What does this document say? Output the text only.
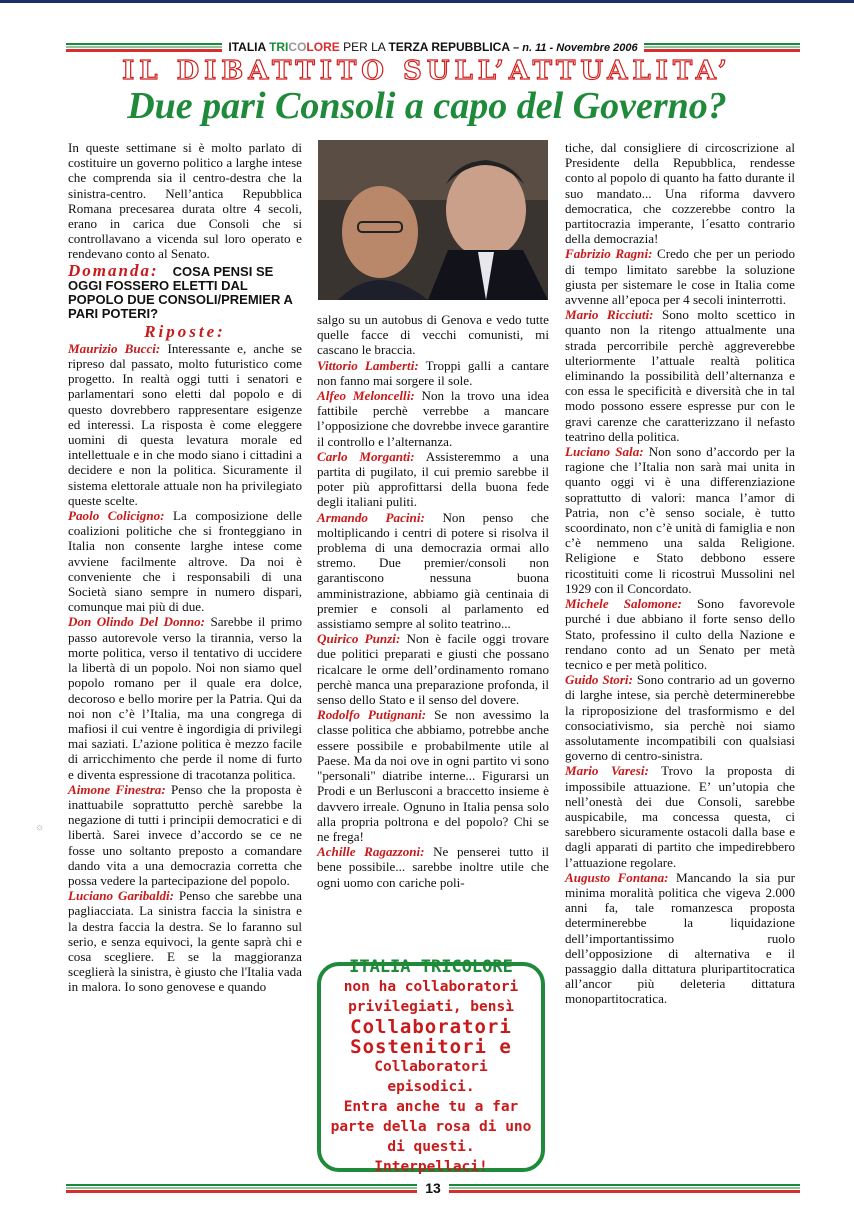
ITALIA TRICOLORE PER LA TERZA REPUBBLICA – n. 11 - Novembre 2006
IL DIBATTITO SULL’ATTUALITA’
Due pari Consoli a capo del Governo?

In queste settimane si è molto parlato di costituire un governo politico a larghe intese che comprenda sia il centro-destra che la sinistra-centro. Nell’antica Repubblica Romana precesarea durata oltre 4 secoli, erano in carica due Consoli che si controllavano a vicenda sul loro operato e rendevano conto al Senato.

Domanda: COSA PENSI SE OGGI FOSSERO ELETTI DAL POPOLO DUE CONSOLI/PREMIER A PARI POTERI?
Riposte:

Maurizio Bucci: Interessante e, anche se ripreso dal passato, molto futuristico come progetto. In realtà oggi tutti i senatori e parlamentari sono eletti dal popolo e di questo dovrebbero rappresentare esigenze ed interessi. La risposta è come eleggere uomini di questa levatura morale ed intellettuale e in che modo siano i cittadini a decidere e non la politica. Sicuramente il sistema elettorale attuale non ha privilegiato queste scelte.

Paolo Colicigno: La composizione delle coalizioni politiche che si fronteggiano in Italia non consente larghe intese come avviene facilmente altrove. Da noi è conveniente che i responsabili di una Società siano sempre in numero dispari, comunque mai più di due.

Don Olindo Del Donno: Sarebbe il primo passo autorevole verso la tirannia, verso la morte politica, verso il tentativo di uccidere la libertà di un popolo. Noi non siamo quel popolo romano per il quale era dolce, decoroso e bello morire per la Patria. Qui da noi non c’è l’Italia, ma una congrega di mafiosi il cui ventre è ingordigia di privilegi mai saziati. L’azione politica è mezzo facile di arricchimento che perde il nome di furto e diventa espressione di tracotanza politica.

Aimone Finestra: Penso che la proposta è inattuabile soprattutto perchè sarebbe la negazione di tutti i principii democratici e di libertà. Sarei invece d’accordo se ce ne fosse uno soltanto preposto a comandare dando vita a una democrazia corretta che possa vedere la partecipazione del popolo.

Luciano Garibaldi: Penso che sarebbe una pagliacciata. La sinistra faccia la sinistra e la destra faccia la destra. Se lo faranno sul serio, e senza equivoci, la gente saprà chi e cosa scegliere. E se la maggioranza sceglierà la sinistra, è giusto che l'Italia vada in malora. Io sono genovese e quando

salgo su un autobus di Genova e vedo tutte quelle facce di vecchi comunisti, mi cascano le braccia.

Vittorio Lamberti: Troppi galli a cantare non fanno mai sorgere il sole.

Alfeo Meloncelli: Non la trovo una idea fattibile perchè verrebbe a mancare l’opposizione che dovrebbe invece garantire il controllo e l’alternanza.

Carlo Morganti: Assisteremmo a una partita di pugilato, il cui premio sarebbe il poter più approfittarsi della buona fede degli italiani puliti.

Armando Pacini: Non penso che moltiplicando i centri di potere si risolva il problema di una democrazia ormai allo stremo. Due premier/consoli non garantiscono nessuna buona amministrazione, abbiamo già centinaia di premier e consoli al parlamento ed assistiamo sempre al solito teatrino...

Quirico Punzi: Non è facile oggi trovare due politici preparati e giusti che possano ricalcare le orme dell’ordinamento romano perchè manca una preparazione profonda, il senso dello Stato e il senso del dovere.

Rodolfo Putignani: Se non avessimo la classe politica che abbiamo, potrebbe anche essere possibile e probabilmente utile al Paese. Ma da noi ove in ogni partito vi sono "personali" diatribe interne... Figurarsi un Prodi e un Berlusconi a braccetto insieme è davvero irreale. Ognuno in Italia pensa solo alla propria poltrona e del popolo? Chi se ne frega!

Achille Ragazzoni: Ne penserei tutto il bene possibile... sarebbe inoltre utile che ogni uomo con cariche poli-

ITALIA TRICOLORE
non ha collaboratori
privilegiati, bensì
Collaboratori
Sostenitori e
Collaboratori episodici.
Entra anche tu a far
parte della rosa di uno
di questi. Interpellaci!

tiche, dal consigliere di circoscrizione al Presidente della Repubblica, rendesse conto al popolo di quanto ha fatto durante il suo mandato... Una riforma davvero democratica, che cozzerebbe contro la partitocrazia imperante, l´esatto contrario della democrazia!

Fabrizio Ragni: Credo che per un periodo di tempo limitato sarebbe la soluzione giusta per sistemare le cose in Italia come avvenne all’epoca per 4 secoli ininterrotti.

Mario Ricciuti: Sono molto scettico in quanto non la ritengo attualmente una strada percorribile perchè aggreverebbe ulteriormente l’attuale realtà politica eliminando la possibilità dell’alternanza e con essa le specificità e diversità che in tal modo possono essere espresse pur con le gravi carenze che caratterizzano il nefasto teatrino della politica.

Luciano Sala: Non sono d’accordo per la ragione che l’Italia non sarà mai unita in quanto oggi vi è una differenziazione soprattutto di valori: manca l’amor di Patria, non c’è senso sociale, è tutto scoordinato, non c’è unità di famiglia e non c’è nemmeno una salda Religione. Religione e Stato debbono essere ricostituiti come li ricostruì Mussolini nel 1929 con il Concordato.

Michele Salomone: Sono favorevole purché i due abbiano il forte senso dello Stato, professino il culto della Nazione e rendano conto ad un Senato per metà tecnico e per metà politico.

Guido Stori: Sono contrario ad un governo di larghe intese, sia perchè determinerebbe la riproposizione del trasformismo e del consociativismo, sia perchè noi siamo assolutamente incompatibili con qualsiasi governo di centro-sinistra.

Mario Varesi: Trovo la proposta di impossibile attuazione. E’ un’utopia che nell’onestà dei due Consoli, sarebbe auspicabile, ma concessa questa, ci sarebbero sicuramente ostacoli dalla base e dagli apparati di partito che impedirebbero l’attuazione regolare.

Augusto Fontana: Mancando la sia pur minima moralità politica che vigeva 2.000 anni fa, tale romanzesca proposta determinerebbe la liquidazione dell’importantissimo ruolo dell’opposizione di alternativa e il passaggio dalla dittatura pluripartitocratica all’ancor più deleteria dittatura monopartitocratica.

☼
13
